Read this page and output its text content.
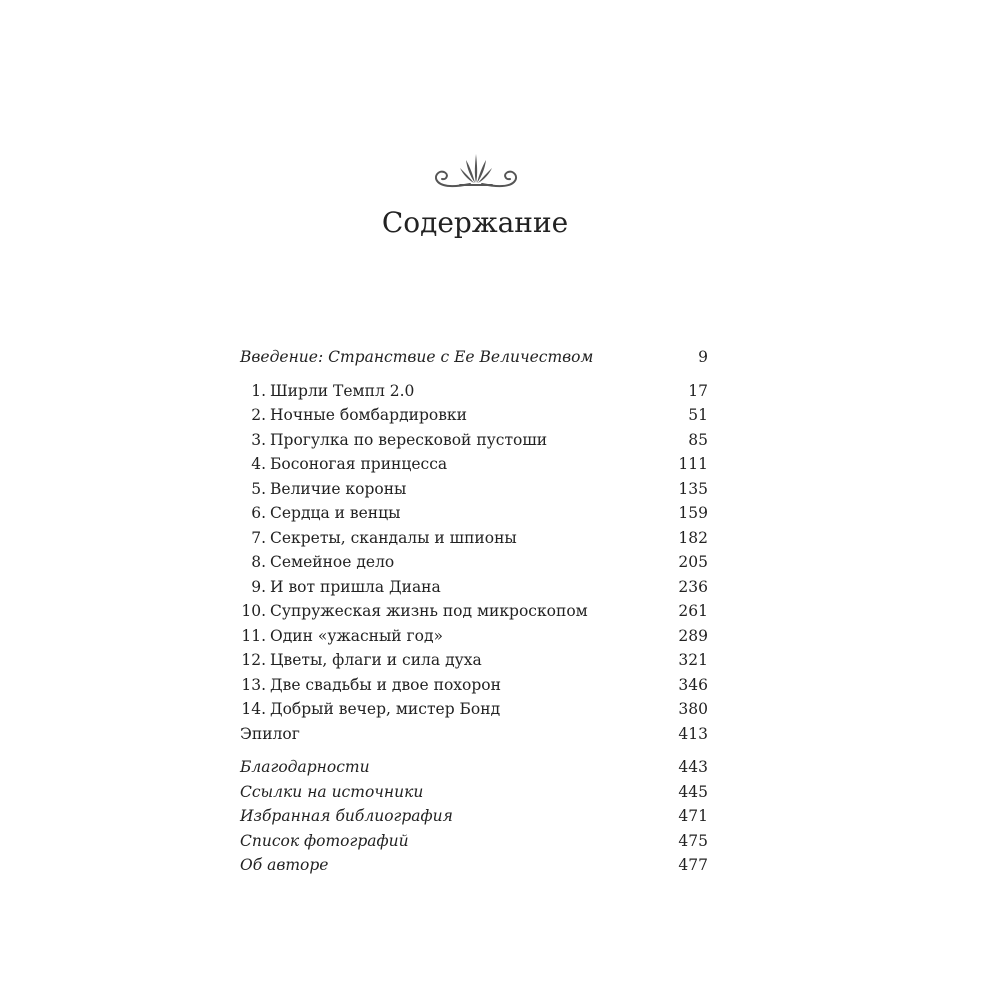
Содержание
Введение: Странствие с Ее Величеством	9
1. Ширли Темпл 2.0	17
2. Ночные бомбардировки	51
3. Прогулка по вересковой пустоши	85
4. Босоногая принцесса	111
5. Величие короны	135
6. Сердца и венцы	159
7. Секреты, скандалы и шпионы	182
8. Семейное дело	205
9. И вот пришла Диана	236
10. Супружеская жизнь под микроскопом	261
11. Один «ужасный год»	289
12. Цветы, флаги и сила духа	321
13. Две свадьбы и двое похорон	346
14. Добрый вечер, мистер Бонд	380
Эпилог	413
Благодарности	443
Ссылки на источники	445
Избранная библиография	471
Список фотографий	475
Об авторе	477
